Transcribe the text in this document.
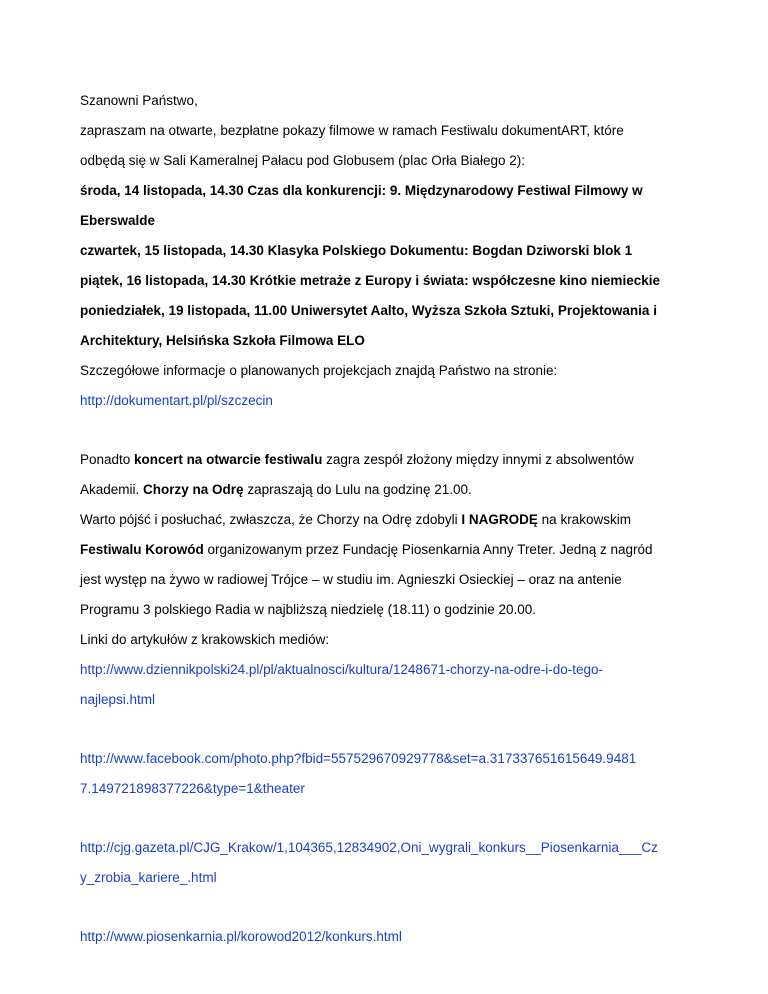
Szanowni Państwo,
zapraszam na otwarte, bezpłatne pokazy filmowe w ramach Festiwalu dokumentART, które
odbędą się w Sali Kameralnej Pałacu pod Globusem (plac Orła Białego 2):
środa, 14 listopada, 14.30 Czas dla konkurencji: 9. Międzynarodowy Festiwal Filmowy w
Eberswalde
czwartek, 15 listopada, 14.30 Klasyka Polskiego Dokumentu: Bogdan Dziworski blok 1
piątek, 16 listopada, 14.30 Krótkie metraże z Europy i świata: współczesne kino niemieckie
poniedziałek, 19 listopada, 11.00 Uniwersytet Aalto, Wyższa Szkoła Sztuki, Projektowania i
Architektury, Helsińska Szkoła Filmowa ELO
Szczegółowe informacje o planowanych projekcjach znajdą Państwo na stronie:
http://dokumentart.pl/pl/szczecin
Ponadto koncert na otwarcie festiwalu zagra zespół złożony między innymi z absolwentów
Akademii. Chorzy na Odrę zapraszają do Lulu na godzinę 21.00.
Warto pójść i posłuchać, zwłaszcza, że Chorzy na Odrę zdobyli I NAGRODĘ na krakowskim
Festiwalu Korowód organizowanym przez Fundację Piosenkarnia Anny Treter. Jedną z nagród
jest występ na żywo w radiowej Trójce – w studiu im. Agnieszki Osieckiej – oraz na antenie
Programu 3 polskiego Radia w najbliższą niedzielę (18.11) o godzinie 20.00.
Linki do artykułów z krakowskich mediów:
http://www.dziennikpolski24.pl/pl/aktualnosci/kultura/1248671-chorzy-na-odre-i-do-tego-
najlepsi.html
http://www.facebook.com/photo.php?fbid=557529670929778&set=a.317337651615649.9481
7.149721898377226&type=1&theater
http://cjg.gazeta.pl/CJG_Krakow/1,104365,12834902,Oni_wygrali_konkurs__Piosenkarnia___Cz
y_zrobia_kariere_.html
http://www.piosenkarnia.pl/korowod2012/konkurs.html
